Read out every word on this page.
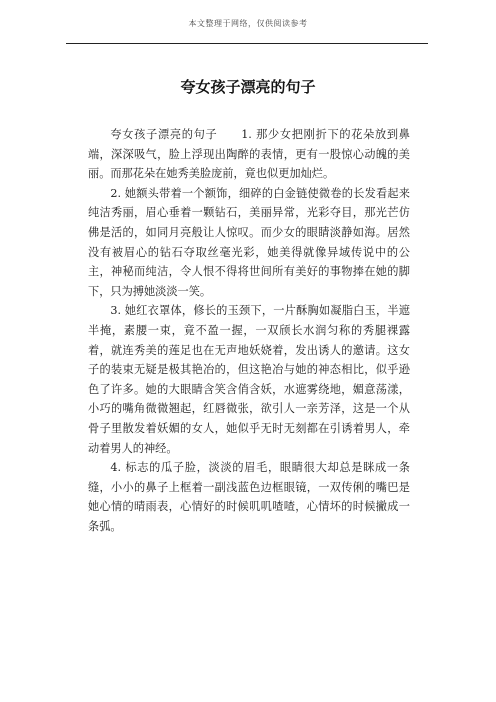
本文整理于网络，仅供阅读参考
夸女孩子漂亮的句子

夸女孩子漂亮的句子　　1. 那少女把刚折下的花朵放到鼻端，深深吸气，脸上浮现出陶醉的表情，更有一股惊心动魄的美丽。而那花朵在她秀美脸庞前，竟也似更加灿烂。

2. 她额头带着一个额饰，细碎的白金链使微卷的长发看起来纯洁秀丽，眉心垂着一颗钻石，美丽异常，光彩夺目，那光芒仿佛是活的，如同月亮般让人惊叹。而少女的眼睛淡静如海。居然没有被眉心的钻石夺取丝毫光彩，她美得就像异域传说中的公主，神秘而纯洁，令人恨不得将世间所有美好的事物捧在她的脚下，只为搏她淡淡一笑。

3. 她红衣罩体，修长的玉颈下，一片酥胸如凝脂白玉，半遮半掩，素腰一束，竟不盈一握，一双颀长水润匀称的秀腿裸露着，就连秀美的莲足也在无声地妖娆着，发出诱人的邀请。这女子的装束无疑是极其艳冶的，但这艳冶与她的神态相比，似乎逊色了许多。她的大眼睛含笑含俏含妖，水遮雾绕地，媚意荡漾，小巧的嘴角微微翘起，红唇微张，欲引人一亲芳泽，这是一个从骨子里散发着妖媚的女人，她似乎无时无刻都在引诱着男人，牵动着男人的神经。

4. 标志的瓜子脸，淡淡的眉毛，眼睛很大却总是眯成一条缝，小小的鼻子上框着一副浅蓝色边框眼镜，一双传俐的嘴巴是她心情的晴雨表，心情好的时候叽叽喳喳，心情坏的时候撇成一条弧。
